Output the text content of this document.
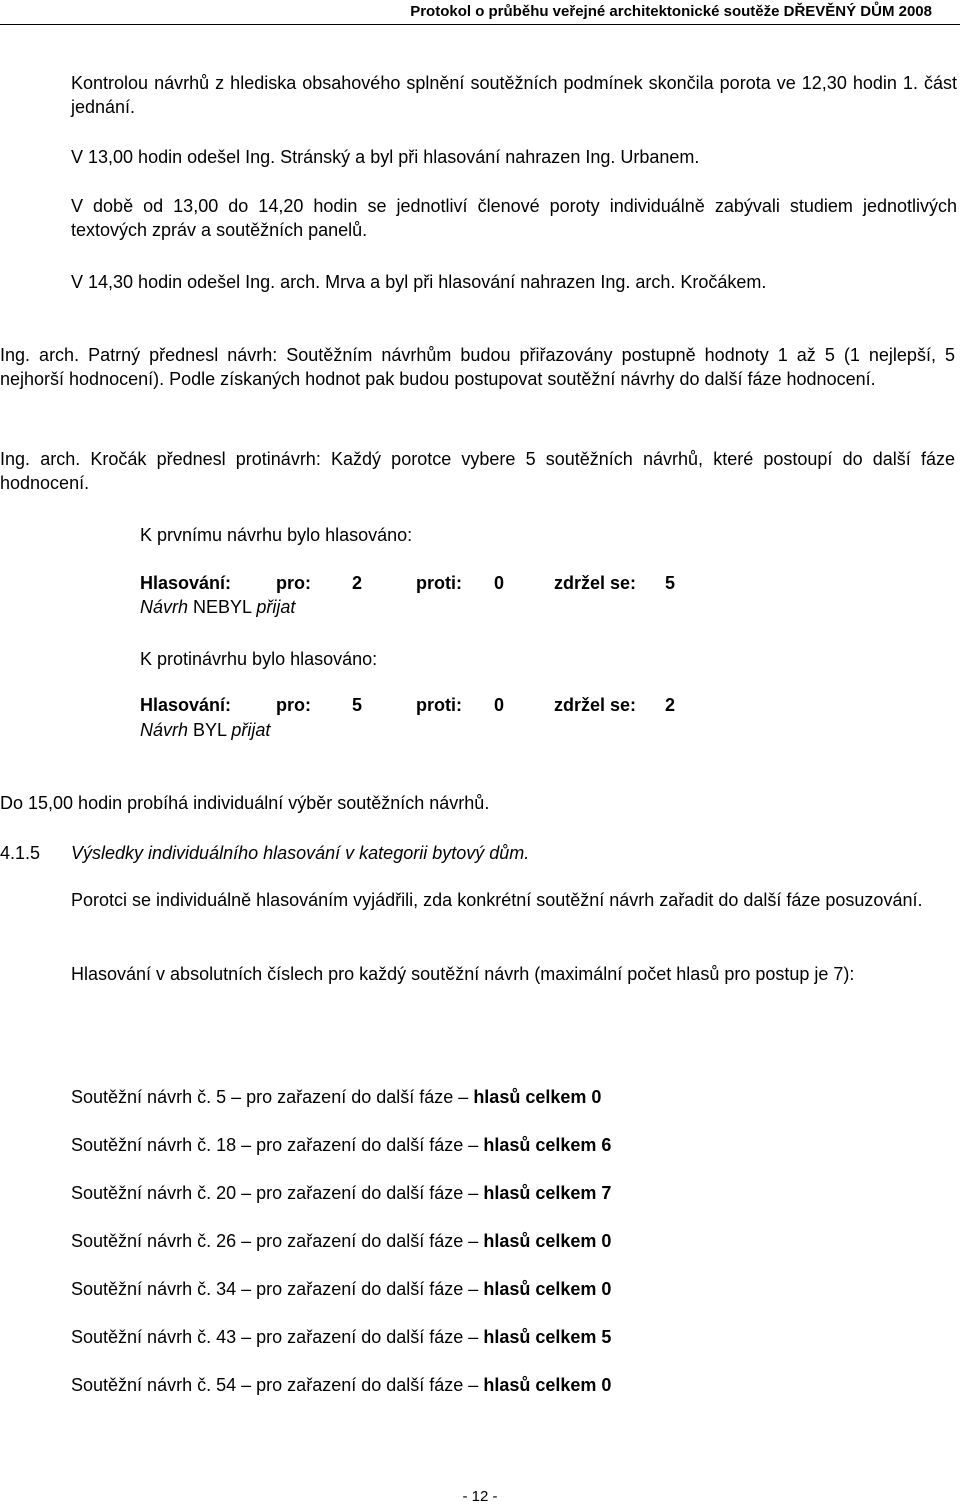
Protokol o průběhu veřejné architektonické soutěže DŘEVĚNÝ DŮM 2008
Kontrolou návrhů z hlediska obsahového splnění soutěžních podmínek skončila porota ve 12,30 hodin 1. část jednání.
V 13,00 hodin odešel Ing. Stránský a byl při hlasování nahrazen Ing. Urbanem.
V době od 13,00 do 14,20 hodin se jednotliví členové poroty individuálně zabývali studiem jednotlivých textových zpráv a soutěžních panelů.
V 14,30 hodin odešel Ing. arch. Mrva a byl při hlasování nahrazen Ing. arch. Kročákem.
Ing. arch. Patrný přednesl návrh: Soutěžním návrhům budou přiřazovány postupně hodnoty 1 až 5 (1 nejlepší, 5 nejhorší hodnocení). Podle získaných hodnot pak budou postupovat soutěžní návrhy do další fáze hodnocení.
Ing. arch. Kročák přednesl protinávrh: Každý porotce vybere 5 soutěžních návrhů, které postoupí do další fáze hodnocení.
K prvnímu návrhu bylo hlasováno:
Hlasování: pro: 2	proti: 0	zdržel se: 5
Návrh NEBYL přijat
K protinávrhu bylo hlasováno:
Hlasování: pro: 5	proti: 0	zdržel se: 2
Návrh BYL přijat
Do 15,00 hodin probíhá individuální výběr soutěžních návrhů.
4.1.5 Výsledky individuálního hlasování v kategorii bytový dům.
Porotci se individuálně hlasováním vyjádřili, zda konkrétní soutěžní návrh zařadit do další fáze posuzování.
Hlasování v absolutních číslech pro každý soutěžní návrh (maximální počet hlasů pro postup je 7):
Soutěžní návrh č. 5 – pro zařazení do další fáze – hlasů celkem 0
Soutěžní návrh č. 18 – pro zařazení do další fáze – hlasů celkem 6
Soutěžní návrh č. 20 – pro zařazení do další fáze – hlasů celkem 7
Soutěžní návrh č. 26 – pro zařazení do další fáze – hlasů celkem 0
Soutěžní návrh č. 34 – pro zařazení do další fáze – hlasů celkem 0
Soutěžní návrh č. 43 – pro zařazení do další fáze – hlasů celkem 5
Soutěžní návrh č. 54 – pro zařazení do další fáze – hlasů celkem 0
- 12 -
